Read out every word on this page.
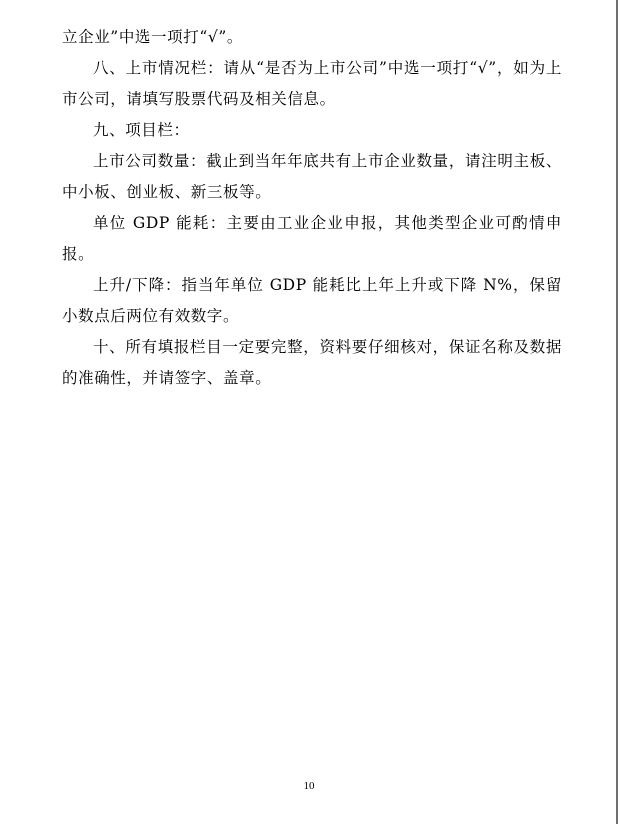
立企业”中选一项打“√”。

八、上市情况栏：请从“是否为上市公司”中选一项打“√”，如为上市公司，请填写股票代码及相关信息。

九、项目栏：

上市公司数量：截止到当年年底共有上市企业数量，请注明主板、中小板、创业板、新三板等。

单位 GDP 能耗：主要由工业企业申报，其他类型企业可酌情申报。

上升/下降：指当年单位 GDP 能耗比上年上升或下降 N%，保留小数点后两位有效数字。

十、所有填报栏目一定要完整，资料要仔细核对，保证名称及数据的准确性，并请签字、盖章。

10
